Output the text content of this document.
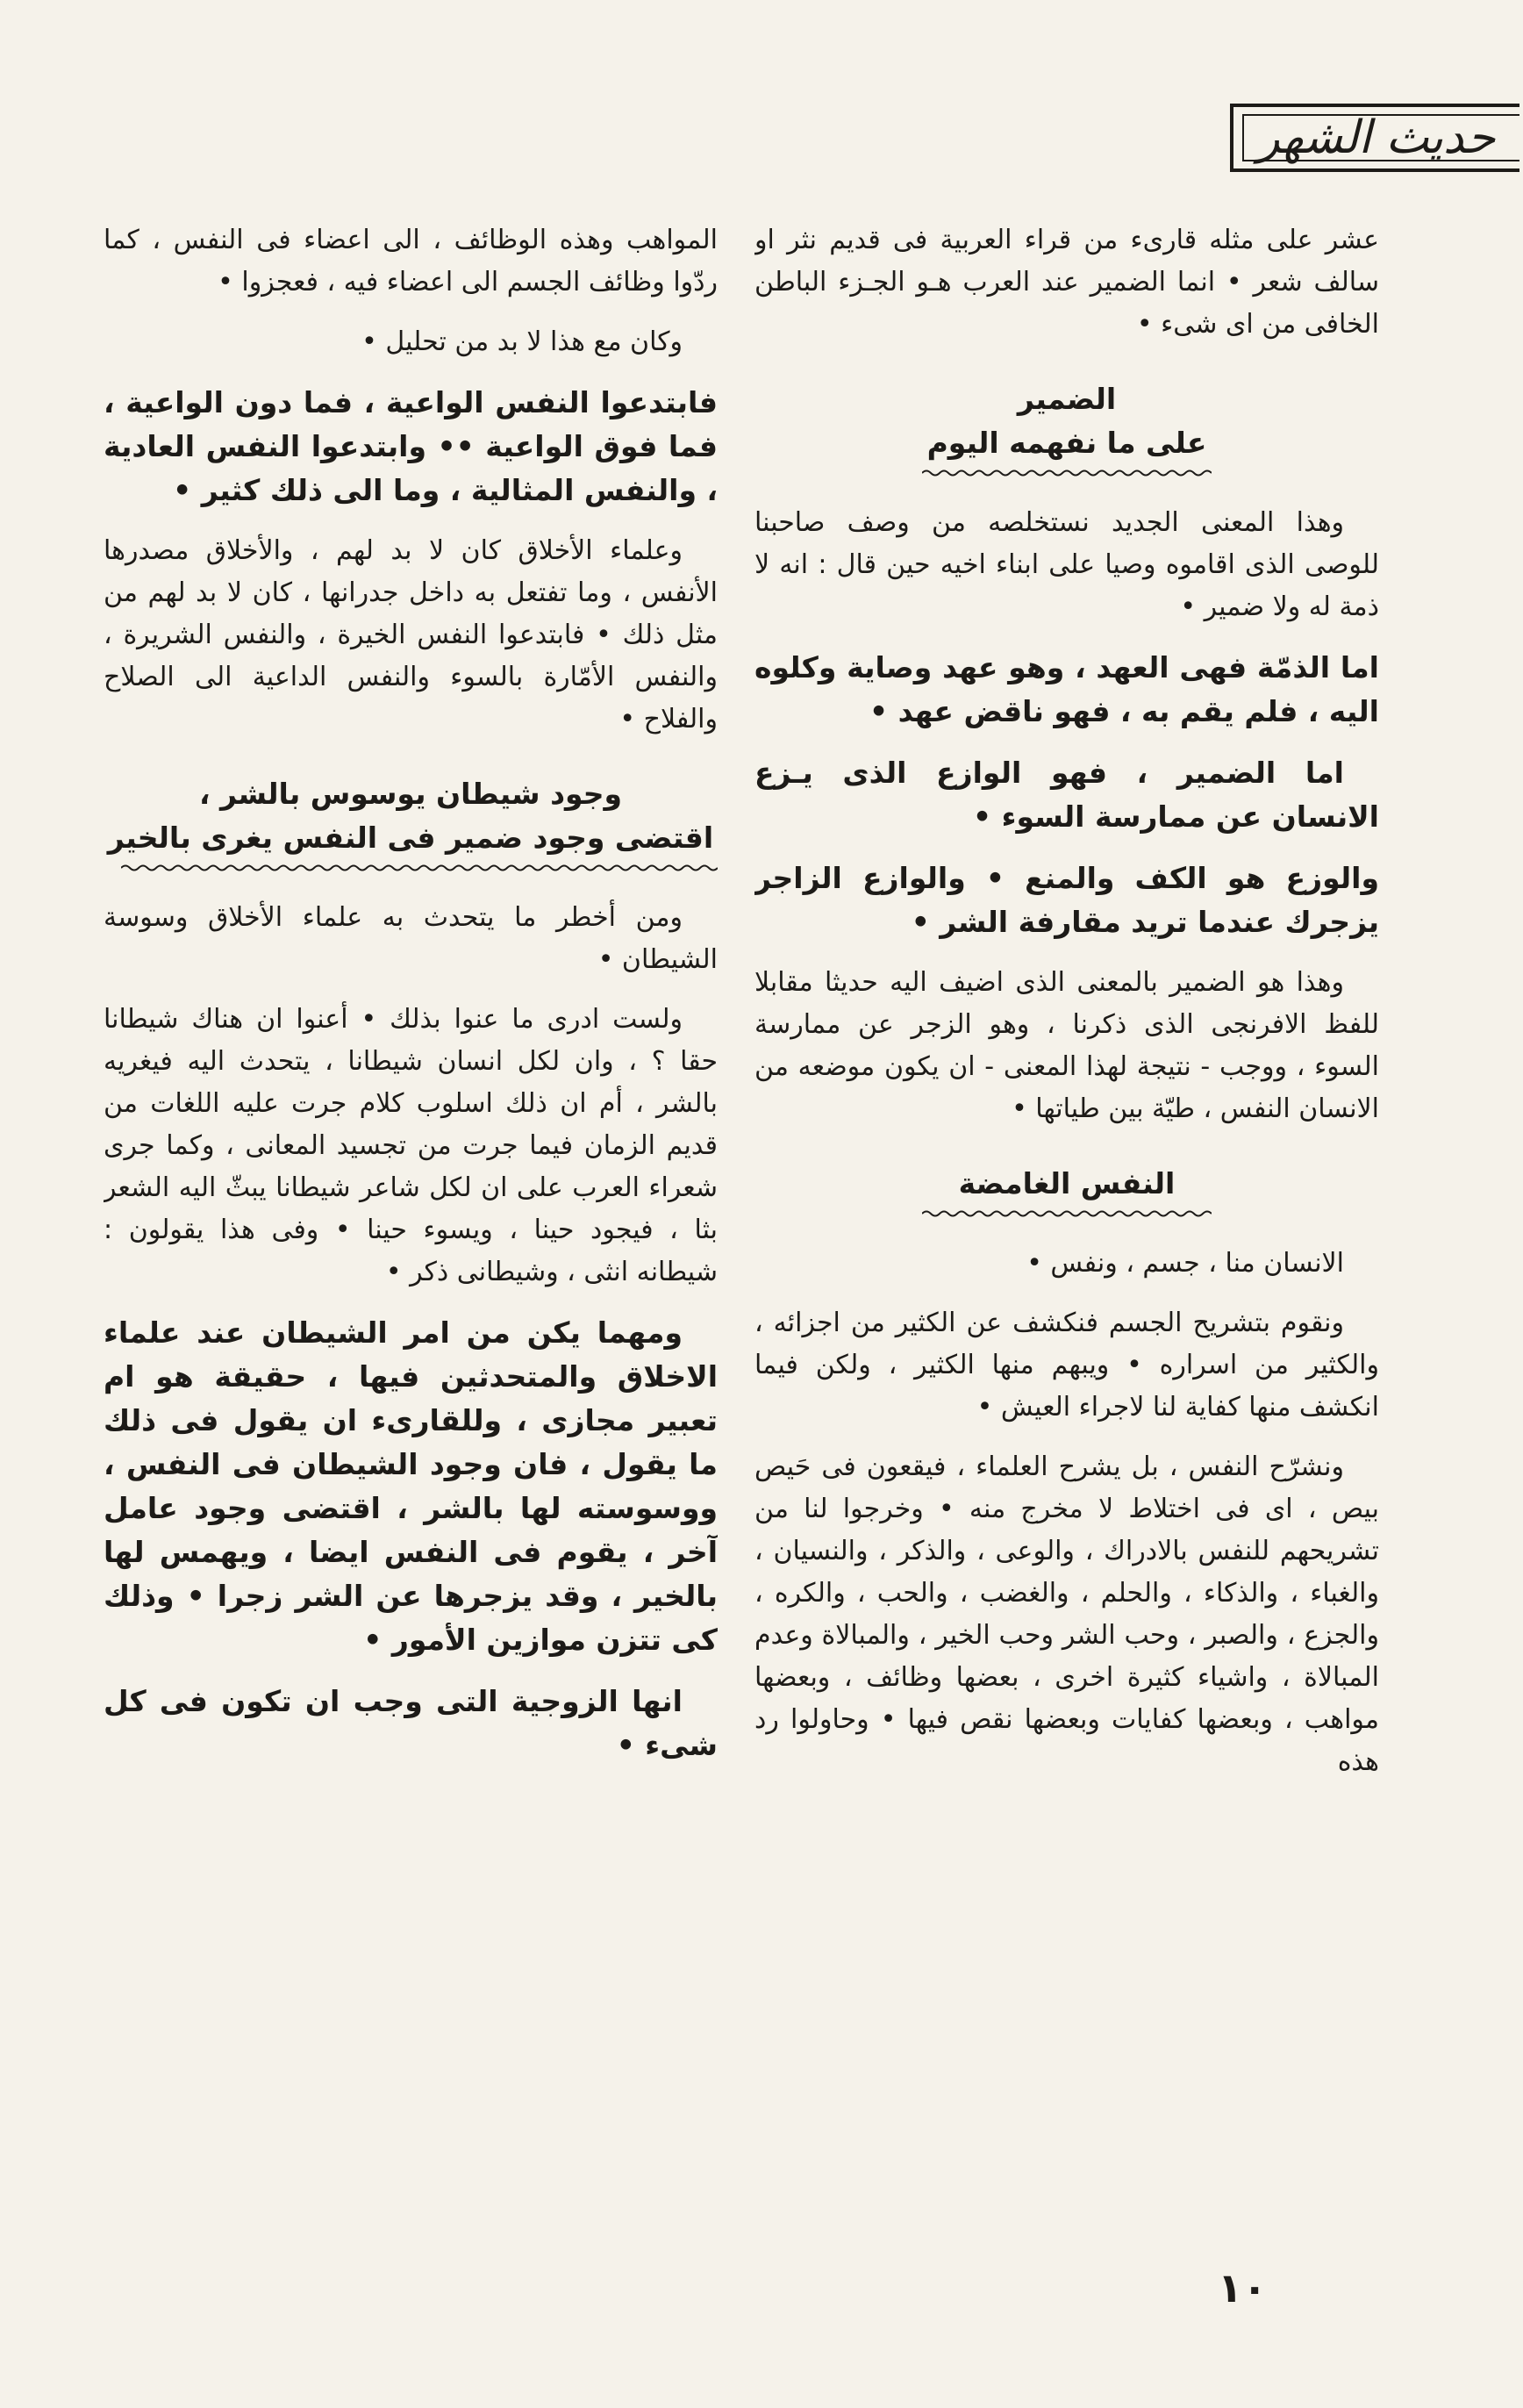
حديث الشهر

عشر على مثله قارىء من قراء العربية فى قديم نثر او سالف شعر • انما الضمير عند العرب هـو الجـزء الباطن الخافى من اى شىء •

الضمير
على ما نفهمه اليوم

وهذا المعنى الجديد نستخلصه من وصف صاحبنا للوصى الذى اقاموه وصيا على ابناء اخيه حين قال : انه لا ذمة له ولا ضمير •

اما الذمّة فهى العهد ، وهو عهد وصاية وكلوه اليه ، فلم يقم به ، فهو ناقض عهد •

اما الضمير ، فهو الوازع الذى يـزع الانسان عن ممارسة السوء •

والوزع هو الكف والمنع • والوازع الزاجر يزجرك عندما تريد مقارفة الشر •

وهذا هو الضمير بالمعنى الذى اضيف اليه حديثا مقابلا للفظ الافرنجى الذى ذكرنا ، وهو الزجر عن ممارسة السوء ، ووجب - نتيجة لهذا المعنى - ان يكون موضعه من الانسان النفس ، طيّة بين طياتها •

النفس الغامضة

الانسان منا ، جسم ، ونفس •

ونقوم بتشريح الجسم فنكشف عن الكثير من اجزائه ، والكثير من اسراره • ويبهم منها الكثير ، ولكن فيما انكشف منها كفاية لنا لاجراء العيش •

ونشرّح النفس ، بل يشرح العلماء ، فيقعون فى حَيص بيص ، اى فى اختلاط لا مخرج منه • وخرجوا لنا من تشريحهم للنفس بالادراك ، والوعى ، والذكر ، والنسيان ، والغباء ، والذكاء ، والحلم ، والغضب ، والحب ، والكره ، والجزع ، والصبر ، وحب الشر وحب الخير ، والمبالاة وعدم المبالاة ، واشياء كثيرة اخرى ، بعضها وظائف ، وبعضها مواهب ، وبعضها كفايات وبعضها نقص فيها • وحاولوا رد هذه

المواهب وهذه الوظائف ، الى اعضاء فى النفس ، كما ردّوا وظائف الجسم الى اعضاء فيه ، فعجزوا •

وكان مع هذا لا بد من تحليل •

فابتدعوا النفس الواعية ، فما دون الواعية ، فما فوق الواعية •• وابتدعوا النفس العادية ، والنفس المثالية ، وما الى ذلك كثير •

وعلماء الأخلاق كان لا بد لهم ، والأخلاق مصدرها الأنفس ، وما تفتعل به داخل جدرانها ، كان لا بد لهم من مثل ذلك • فابتدعوا النفس الخيرة ، والنفس الشريرة ، والنفس الأمّارة بالسوء والنفس الداعية الى الصلاح والفلاح •

وجود شيطان يوسوس بالشر ،
اقتضى وجود ضمير فى النفس يغرى بالخير

ومن أخطر ما يتحدث به علماء الأخلاق وسوسة الشيطان •

ولست ادرى ما عنوا بذلك • أعنوا ان هناك شيطانا حقا ؟ ، وان لكل انسان شيطانا ، يتحدث اليه فيغريه بالشر ، أم ان ذلك اسلوب كلام جرت عليه اللغات من قديم الزمان فيما جرت من تجسيد المعانى ، وكما جرى شعراء العرب على ان لكل شاعر شيطانا يبثّ اليه الشعر بثا ، فيجود حينا ، ويسوء حينا • وفى هذا يقولون : شيطانه انثى ، وشيطانى ذكر •

ومهما يكن من امر الشيطان عند علماء الاخلاق والمتحدثين فيها ، حقيقة هو ام تعبير مجازى ، وللقارىء ان يقول فى ذلك ما يقول ، فان وجود الشيطان فى النفس ، ووسوسته لها بالشر ، اقتضى وجود عامل آخر ، يقوم فى النفس ايضا ، ويهمس لها بالخير ، وقد يزجرها عن الشر زجرا • وذلك كى تتزن موازين الأمور •

انها الزوجية التى وجب ان تكون فى كل شىء •

١٠
